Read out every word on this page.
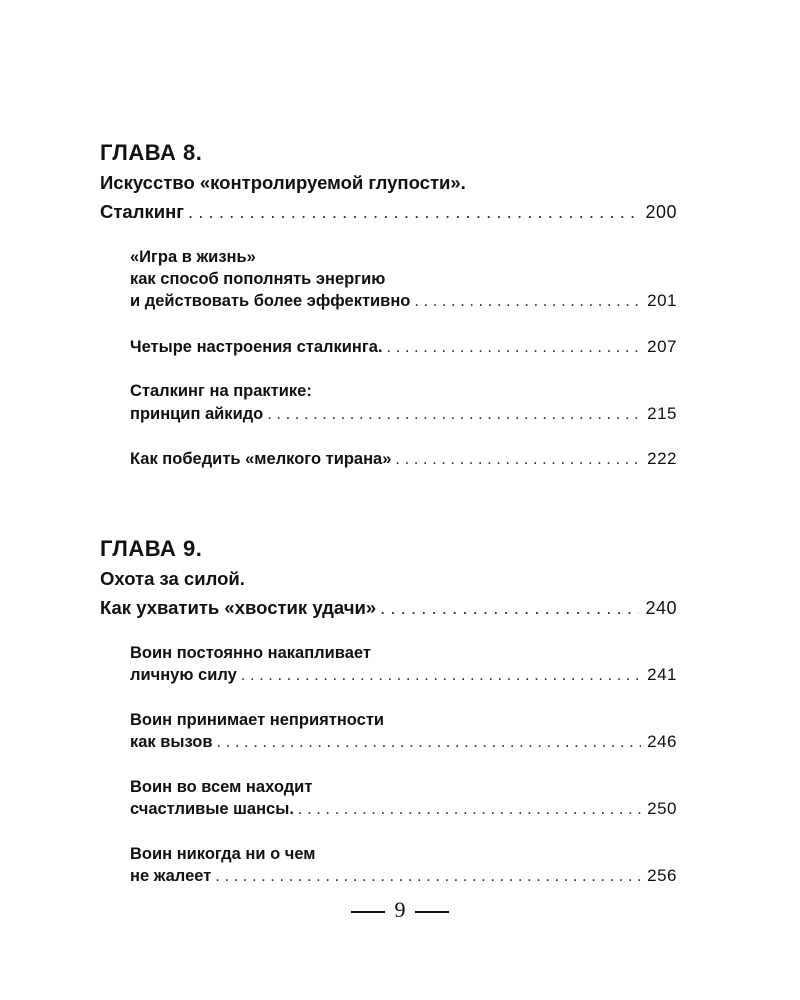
ГЛАВА 8.
Искусство «контролируемой глупости».
Сталкинг . . .	200
«Игра в жизнь»
как способ пополнять энергию
и действовать более эффективно . . .	201
Четыре настроения сталкинга. . . .	207
Сталкинг на практике:
принцип айкидо . . .	215
Как победить «мелкого тирана» . . .	222
ГЛАВА 9.
Охота за силой.
Как ухватить «хвостик удачи» . . .	240
Воин постоянно накапливает
личную силу . . .	241
Воин принимает неприятности
как вызов . . .	246
Воин во всем находит
счастливые шансы. . . .	250
Воин никогда ни о чем
не жалеет . . .	256
9
